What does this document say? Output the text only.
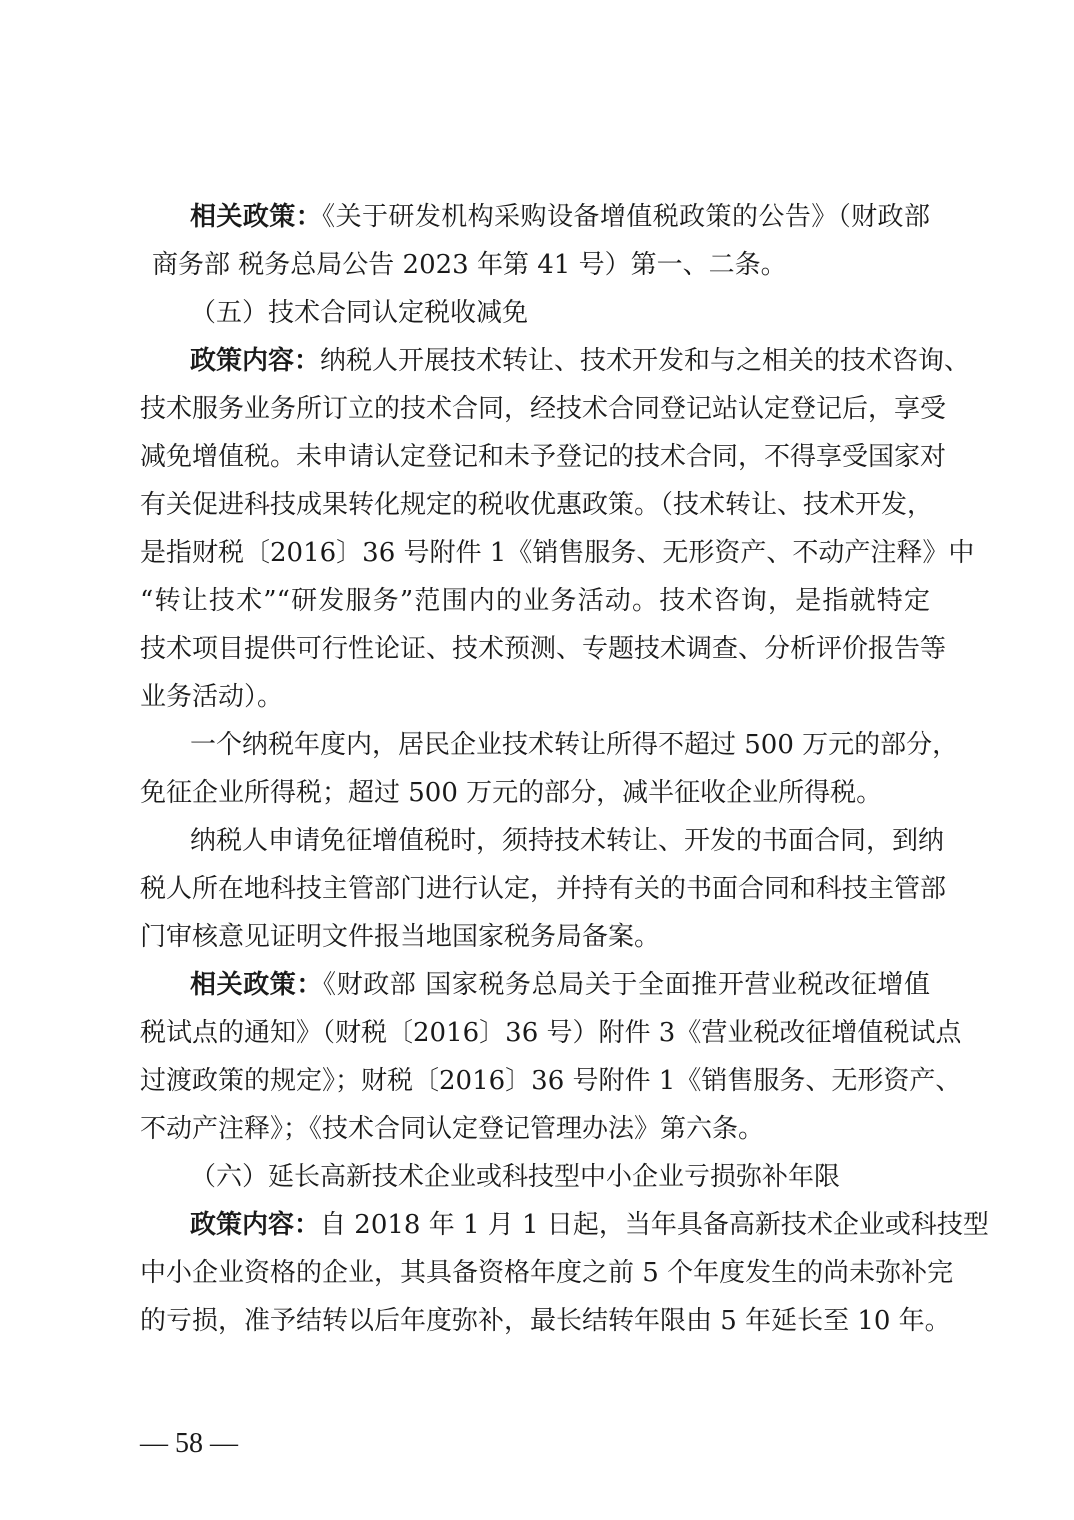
相关政策：《关于研发机构采购设备增值税政策的公告》（财政部
商务部 税务总局公告 2023 年第 41 号）第一、二条。
（五）技术合同认定税收减免
政策内容：纳税人开展技术转让、技术开发和与之相关的技术咨询、
技术服务业务所订立的技术合同，经技术合同登记站认定登记后，享受
减免增值税。未申请认定登记和未予登记的技术合同，不得享受国家对
有关促进科技成果转化规定的税收优惠政策。（技术转让、技术开发，
是指财税〔2016〕36 号附件 1《销售服务、无形资产、不动产注释》中
“转让技术”“研发服务”范围内的业务活动。技术咨询，是指就特定
技术项目提供可行性论证、技术预测、专题技术调查、分析评价报告等
业务活动）。
一个纳税年度内，居民企业技术转让所得不超过 500 万元的部分，
免征企业所得税；超过 500 万元的部分，减半征收企业所得税。
纳税人申请免征增值税时，须持技术转让、开发的书面合同，到纳
税人所在地科技主管部门进行认定，并持有关的书面合同和科技主管部
门审核意见证明文件报当地国家税务局备案。
相关政策：《财政部 国家税务总局关于全面推开营业税改征增值
税试点的通知》（财税〔2016〕36 号）附件 3《营业税改征增值税试点
过渡政策的规定》；财税〔2016〕36 号附件 1《销售服务、无形资产、
不动产注释》；《技术合同认定登记管理办法》第六条。
（六）延长高新技术企业或科技型中小企业亏损弥补年限
政策内容：自 2018 年 1 月 1 日起，当年具备高新技术企业或科技型
中小企业资格的企业，其具备资格年度之前 5 个年度发生的尚未弥补完
的亏损，准予结转以后年度弥补，最长结转年限由 5 年延长至 10 年。
— 58 —
